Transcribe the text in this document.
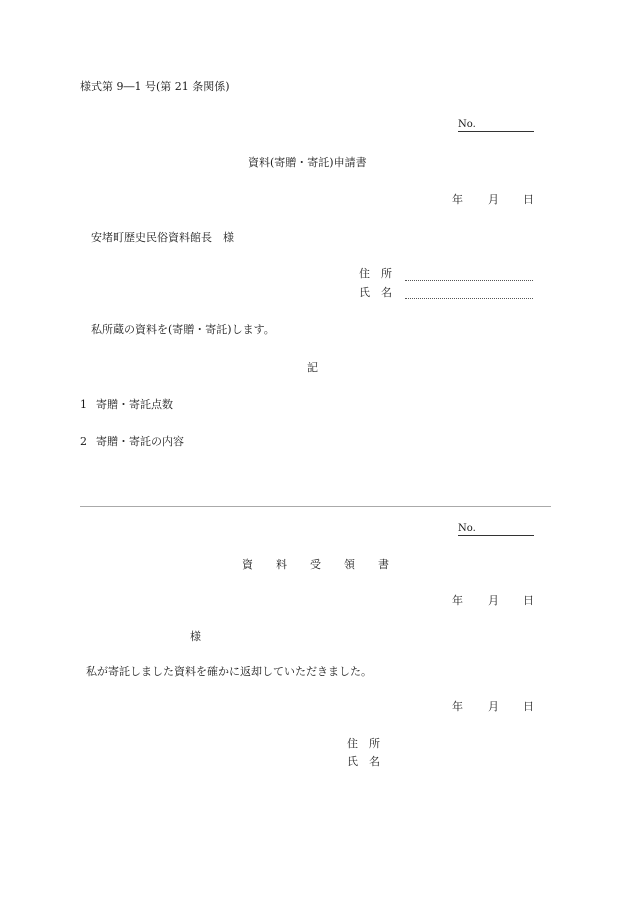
様式第 9―1 号(第 21 条関係)
No.
資料(寄贈・寄託)申請書
年 月 日
安堵町歴史民俗資料館長　様
住　所
氏　名
私所蔵の資料を(寄贈・寄託)します。
記
1 寄贈・寄託点数
2 寄贈・寄託の内容
No.
資 料 受 領 書
年 月 日
様
私が寄託しました資料を確かに返却していただきました。
年 月 日
住　所
氏　名
